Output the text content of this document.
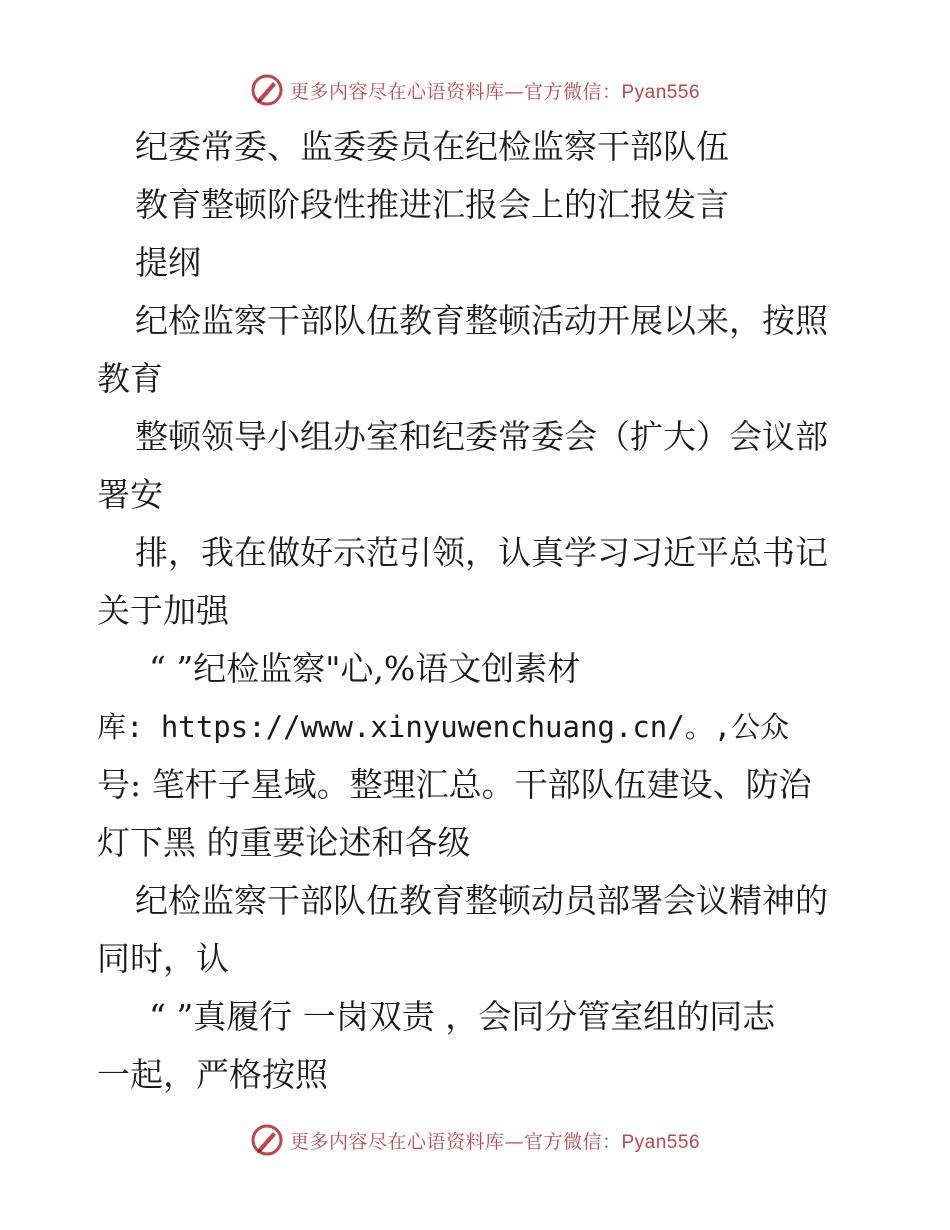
更多内容尽在心语资料库—官方微信：Pyan556
纪委常委、监委委员在纪检监察干部队伍
教育整顿阶段性推进汇报会上的汇报发言
提纲
纪检监察干部队伍教育整顿活动开展以来，按照
教育
整顿领导小组办室和纪委常委会（扩大）会议部
署安
排，我在做好示范引领，认真学习习近平总书记
关于加强
“ ”纪检监察"心,%语文创素材
库: https://www.xinyuwenchuang.cn/。,公众
号: 笔杆子星域。整理汇总。干部队伍建设、防治
灯下黑 的重要论述和各级
纪检监察干部队伍教育整顿动员部署会议精神的
同时，认
“ ”真履行 一岗双责 ，会同分管室组的同志
一起，严格按照
更多内容尽在心语资料库—官方微信：Pyan556
